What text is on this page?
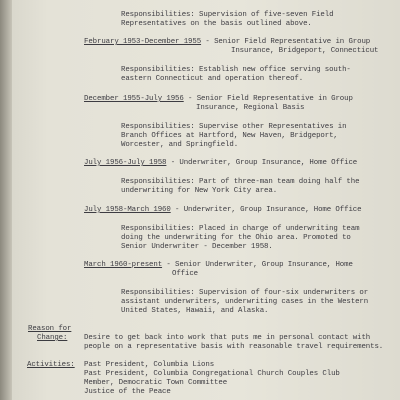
Responsibilities: Supervision of five-seven Field
Representatives on the basis outlined above.
February 1953-December 1955 - Senior Field Representative in Group
Insurance, Bridgeport, Connecticut
Responsibilities: Establish new office serving south-
eastern Connecticut and operation thereof.
December 1955-July 1956 - Senior Field Representative in Group
Insurance, Regional Basis
Responsibilities: Supervise other Representatives in
Branch Offices at Hartford, New Haven, Bridgeport,
Worcester, and Springfield.
July 1956-July 1958 - Underwriter, Group Insurance, Home Office
Responsibilities: Part of three-man team doing half the
underwriting for New York City area.
July 1958-March 1960 - Underwriter, Group Insurance, Home Office
Responsibilities: Placed in charge of underwriting team
doing the underwriting for the Ohio area. Promoted to
Senior Underwriter - December 1958.
March 1960-present - Senior Underwriter, Group Insurance, Home
Office
Responsibilities: Supervision of four-six underwriters or
assistant underwriters, underwriting cases in the Western
United States, Hawaii, and Alaska.
Reason for
Change: Desire to get back into work that puts me in personal contact with
people on a representative basis with reasonable travel requirements.
Activities: Past President, Columbia Lions
Past President, Columbia Congregational Church Couples Club
Member, Democratic Town Committee
Justice of the Peace
